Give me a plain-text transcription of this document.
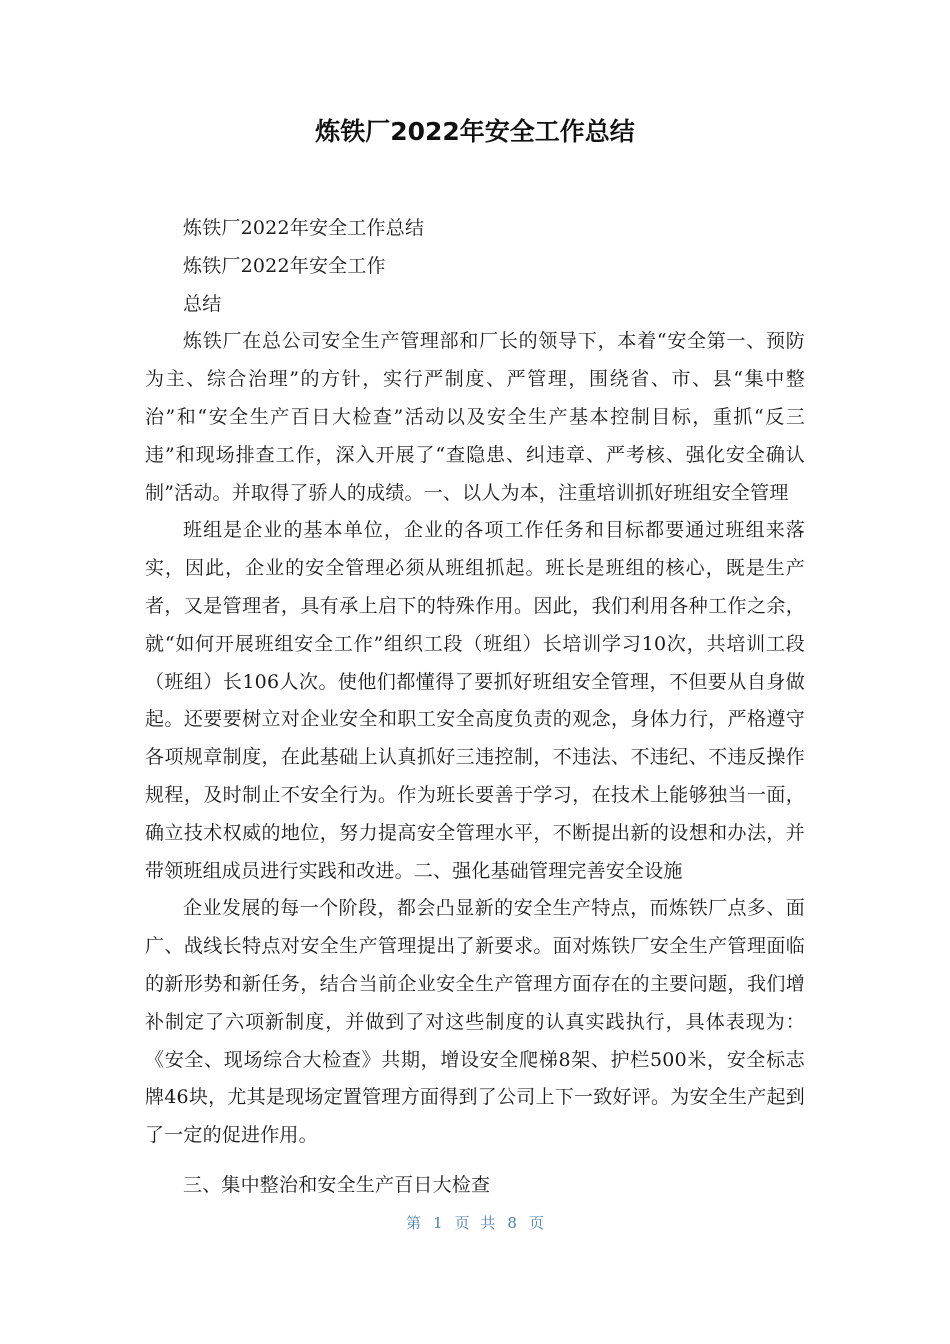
炼铁厂2022年安全工作总结

炼铁厂2022年安全工作总结

炼铁厂2022年安全工作

总结

炼铁厂在总公司安全生产管理部和厂长的领导下，本着“安全第一、预防为主、综合治理”的方针，实行严制度、严管理，围绕省、市、县“集中整治”和“安全生产百日大检查”活动以及安全生产基本控制目标，重抓“反三违”和现场排查工作，深入开展了“查隐患、纠违章、严考核、强化安全确认制”活动。并取得了骄人的成绩。一、以人为本，注重培训抓好班组安全管理

班组是企业的基本单位，企业的各项工作任务和目标都要通过班组来落实，因此，企业的安全管理必须从班组抓起。班长是班组的核心，既是生产者，又是管理者，具有承上启下的特殊作用。因此，我们利用各种工作之余，就“如何开展班组安全工作”组织工段（班组）长培训学习10次，共培训工段（班组）长106人次。使他们都懂得了要抓好班组安全管理，不但要从自身做起。还要要树立对企业安全和职工安全高度负责的观念，身体力行，严格遵守各项规章制度，在此基础上认真抓好三违控制，不违法、不违纪、不违反操作规程，及时制止不安全行为。作为班长要善于学习，在技术上能够独当一面，确立技术权威的地位，努力提高安全管理水平，不断提出新的设想和办法，并带领班组成员进行实践和改进。二、强化基础管理完善安全设施

企业发展的每一个阶段，都会凸显新的安全生产特点，而炼铁厂点多、面广、战线长特点对安全生产管理提出了新要求。面对炼铁厂安全生产管理面临的新形势和新任务，结合当前企业安全生产管理方面存在的主要问题，我们增补制定了六项新制度，并做到了对这些制度的认真实践执行，具体表现为：《安全、现场综合大检查》共期，增设安全爬梯8架、护栏500米，安全标志牌46块，尤其是现场定置管理方面得到了公司上下一致好评。为安全生产起到了一定的促进作用。

三、集中整治和安全生产百日大检查

第 1 页 共 8 页
